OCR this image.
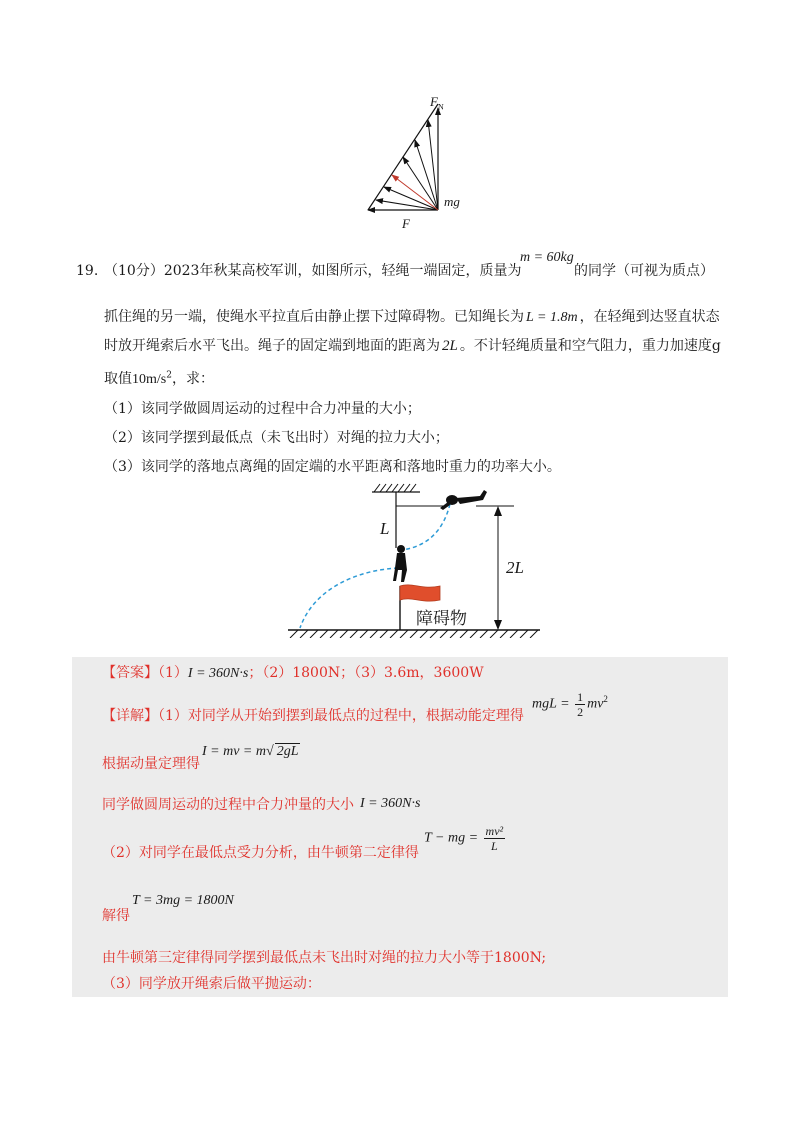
$F_N$
mg
F
19. （10分）2023年秋某高校军训，如图所示，轻绳一端固定，质量为
m = 60kg
的同学（可视为质点）
抓住绳的另一端，使绳水平拉直后由静止摆下过障碍物。已知绳长为 L = 1.8m ，在轻绳到达竖直状态
时放开绳索后水平飞出。绳子的固定端到地面的距离为 2L 。不计轻绳质量和空气阻力，重力加速度g
取值$10m/s^2$，求：
（1）该同学做圆周运动的过程中合力冲量的大小；
（2）该同学摆到最低点（未飞出时）对绳的拉力大小；
（3）该同学的落地点离绳的固定端的水平距离和落地时重力的功率大小。
L
2L
障碍物
【答案】（1）I = 360N·s；（2）1800N；（3）3.6m，3600W
【详解】（1）对同学从开始到摆到最低点的过程中，根据动能定理得
mgL = $\frac{1}{2} mv^2$
根据动量定理得
I = mv = m√ 2gL
同学做圆周运动的过程中合力冲量的大小 I = 360N·s
（2）对同学在最低点受力分析，由牛顿第二定律得
T − mg = $\frac{\text{mv²}}{L}$
T = 3mg = 1800N
解得
由牛顿第三定律得同学摆到最低点未飞出时对绳的拉力大小等于1800N;
（3）同学放开绳索后做平抛运动：
